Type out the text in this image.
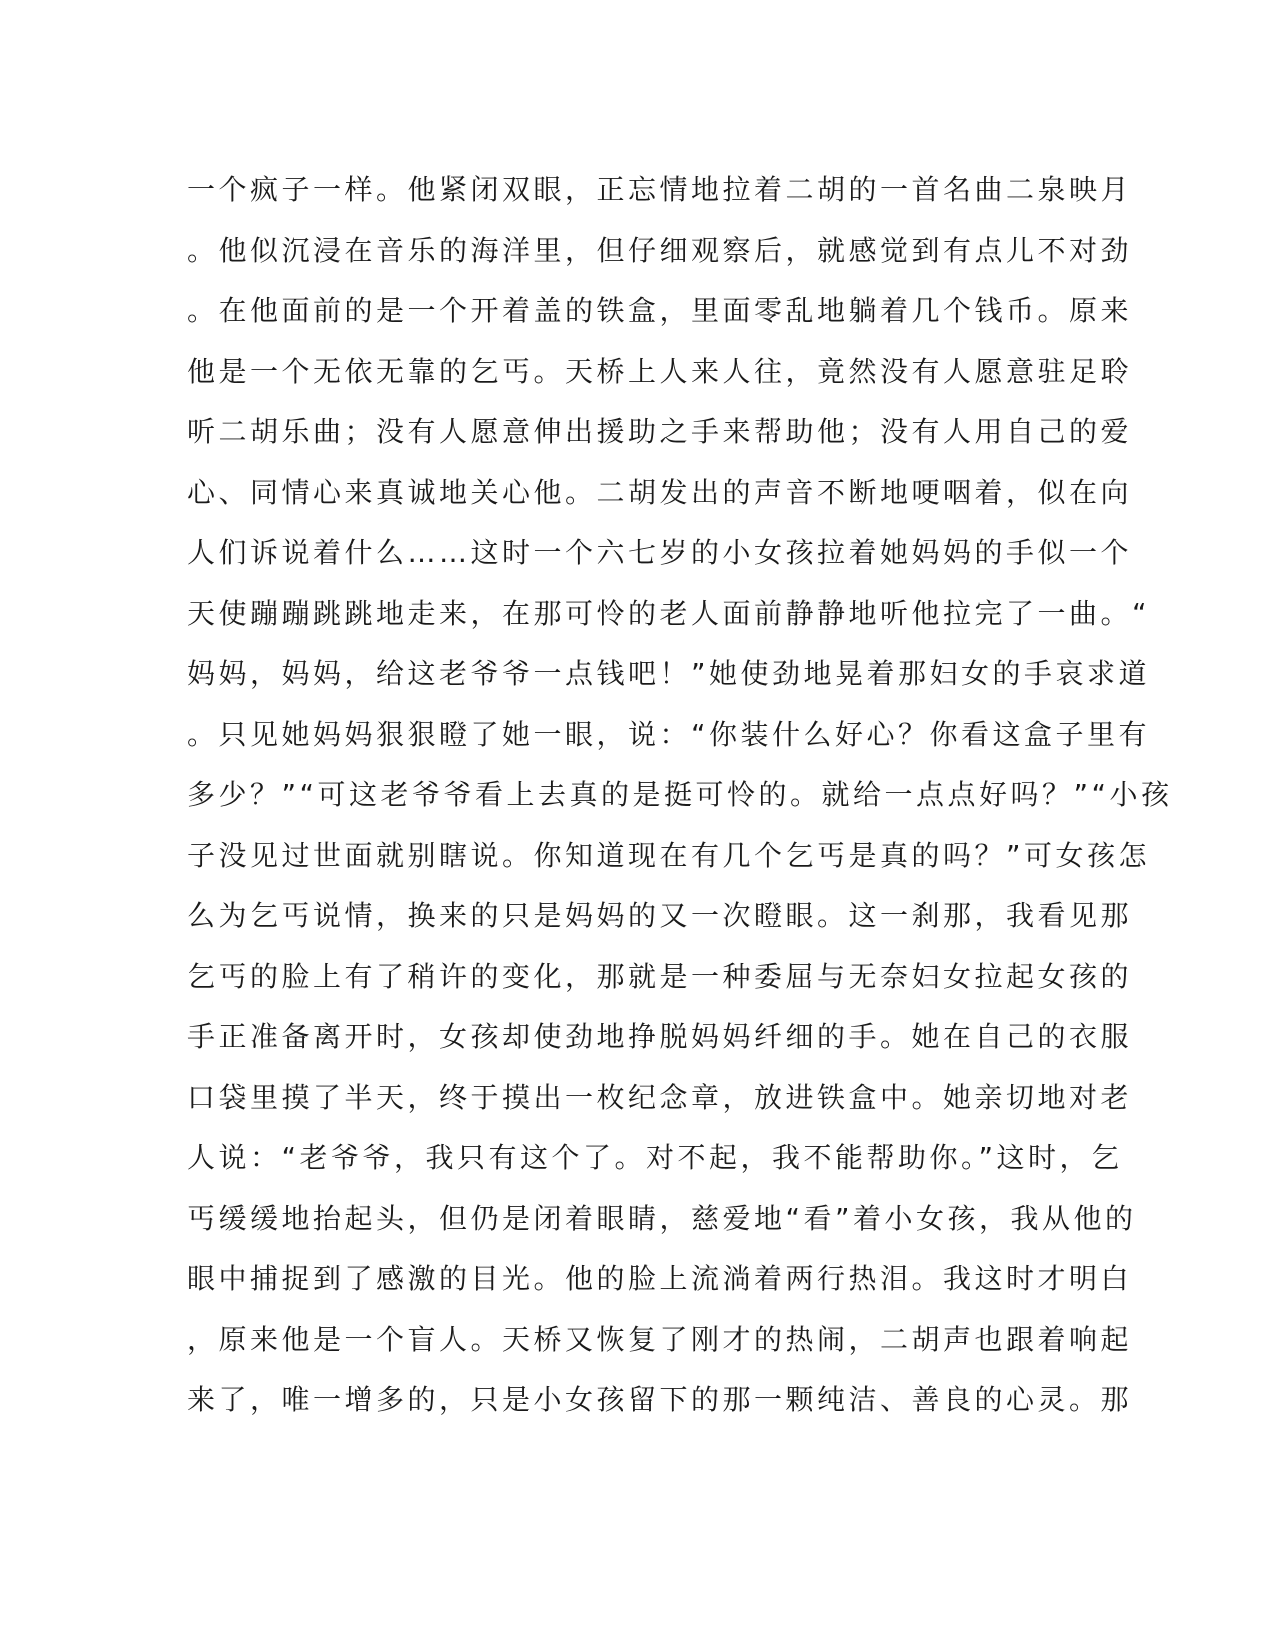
一个疯子一样。他紧闭双眼，正忘情地拉着二胡的一首名曲二泉映月
。他似沉浸在音乐的海洋里，但仔细观察后，就感觉到有点儿不对劲
。在他面前的是一个开着盖的铁盒，里面零乱地躺着几个钱币。原来
他是一个无依无靠的乞丐。天桥上人来人往，竟然没有人愿意驻足聆
听二胡乐曲；没有人愿意伸出援助之手来帮助他；没有人用自己的爱
心、同情心来真诚地关心他。二胡发出的声音不断地哽咽着，似在向
人们诉说着什么……这时一个六七岁的小女孩拉着她妈妈的手似一个
天使蹦蹦跳跳地走来，在那可怜的老人面前静静地听他拉完了一曲。“
妈妈，妈妈，给这老爷爷一点钱吧！”她使劲地晃着那妇女的手哀求道
。只见她妈妈狠狠瞪了她一眼，说：“你装什么好心？你看这盒子里有
多少？”“可这老爷爷看上去真的是挺可怜的。就给一点点好吗？”“小孩
子没见过世面就别瞎说。你知道现在有几个乞丐是真的吗？”可女孩怎
么为乞丐说情，换来的只是妈妈的又一次瞪眼。这一刹那，我看见那
乞丐的脸上有了稍许的变化，那就是一种委屈与无奈妇女拉起女孩的
手正准备离开时，女孩却使劲地挣脱妈妈纤细的手。她在自己的衣服
口袋里摸了半天，终于摸出一枚纪念章，放进铁盒中。她亲切地对老
人说：“老爷爷，我只有这个了。对不起，我不能帮助你。”这时，乞
丐缓缓地抬起头，但仍是闭着眼睛，慈爱地“看”着小女孩，我从他的
眼中捕捉到了感激的目光。他的脸上流淌着两行热泪。我这时才明白
，原来他是一个盲人。天桥又恢复了刚才的热闹，二胡声也跟着响起
来了，唯一增多的，只是小女孩留下的那一颗纯洁、善良的心灵。那
